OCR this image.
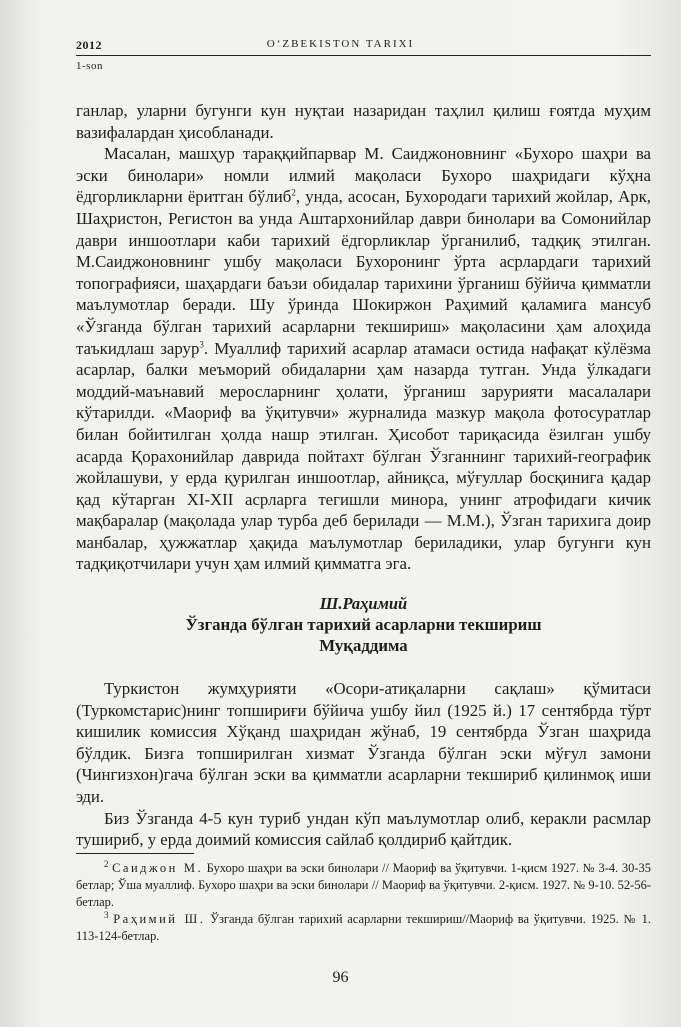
2012	O‘ZBEKISTON TARIXI
1-son

ганлар, уларни бугунги кун нуқтаи назаридан таҳлил қилиш ғоятда муҳим вазифалардан ҳисобланади.

Масалан, машҳур тараққийпарвар М. Саиджоновнинг «Бухоро шаҳри ва эски бинолари» номли илмий мақоласи Бухоро шаҳридаги кўҳна ёдгорликларни ёритган бўлиб$^2$, унда, асосан, Бухородаги тарихий жойлар, Арк, Шаҳристон, Регистон ва унда Аштархонийлар даври бинолари ва Сомонийлар даври иншоотлари каби тарихий ёдгорликлар ўрганилиб, тадқиқ этилган. М.Саиджоновнинг ушбу мақоласи Бухоронинг ўрта асрлардаги тарихий топографияси, шаҳардаги баъзи обидалар тарихини ўрганиш бўйича қимматли маълумотлар беради. Шу ўринда Шокиржон Раҳимий қаламига мансуб «Ўзганда бўлган тарихий асарларни текшириш» мақоласини ҳам алоҳида таъкидлаш зарур$^3$. Муаллиф тарихий асарлар атамаси остида нафақат кўлёзма асарлар, балки меъморий обидаларни ҳам назарда тутган. Унда ўлкадаги моддий-маънавий меросларнинг ҳолати, ўрганиш зарурияти масалалари кўтарилди. «Маориф ва ўқитувчи» журналида мазкур мақола фотосуратлар билан бойитилган ҳолда нашр этилган. Ҳисобот тариқасида ёзилган ушбу асарда Қорахонийлар даврида пойтахт бўлган Ўзганнинг тарихий-географик жойлашуви, у ерда қурилган иншоотлар, айниқса, мўғуллар босқинига қадар қад кўтарган XI-XII асрларга тегишли минора, унинг атрофидаги кичик мақбаралар (мақолада улар турба деб берилади — М.М.), Ўзган тарихига доир манбалар, ҳужжатлар ҳақида маълумотлар бериладики, улар бугунги кун тадқиқотчилари учун ҳам илмий қимматга эга.

Ш.Раҳимий
Ўзганда бўлган тарихий асарларни текшириш
Муқаддима

Туркистон жумҳурияти «Осори-атиқаларни сақлаш» қўмитаси (Туркомстарис)нинг топшириғи бўйича ушбу йил (1925 й.) 17 сентябрда тўрт кишилик комиссия Хўқанд шаҳридан жўнаб, 19 сентябрда Ўзган шаҳрида бўлдик. Бизга топширилган хизмат Ўзганда бўлган эски мўғул замони (Чингизхон)гача бўлган эски ва қимматли асарларни текшириб қилинмоқ иши эди.

Биз Ўзганда 4-5 кун туриб ундан кўп маълумотлар олиб, керакли расмлар тушириб, у ерда доимий комиссия сайлаб қолдириб қайтдик.

$^2$ Саиджон М. Бухоро шаҳри ва эски бинолари // Маориф ва ўқитувчи. 1-қисм 1927. № 3-4. 30-35 бетлар; Ўша муаллиф. Бухоро шаҳри ва эски бинолари // Маориф ва ўқитувчи. 2-қисм. 1927. № 9-10. 52-56-бетлар.

$^3$ Раҳимий Ш. Ўзганда бўлган тарихий асарларни текшириш//Маориф ва ўқитувчи. 1925. № 1. 113-124-бетлар.

96
